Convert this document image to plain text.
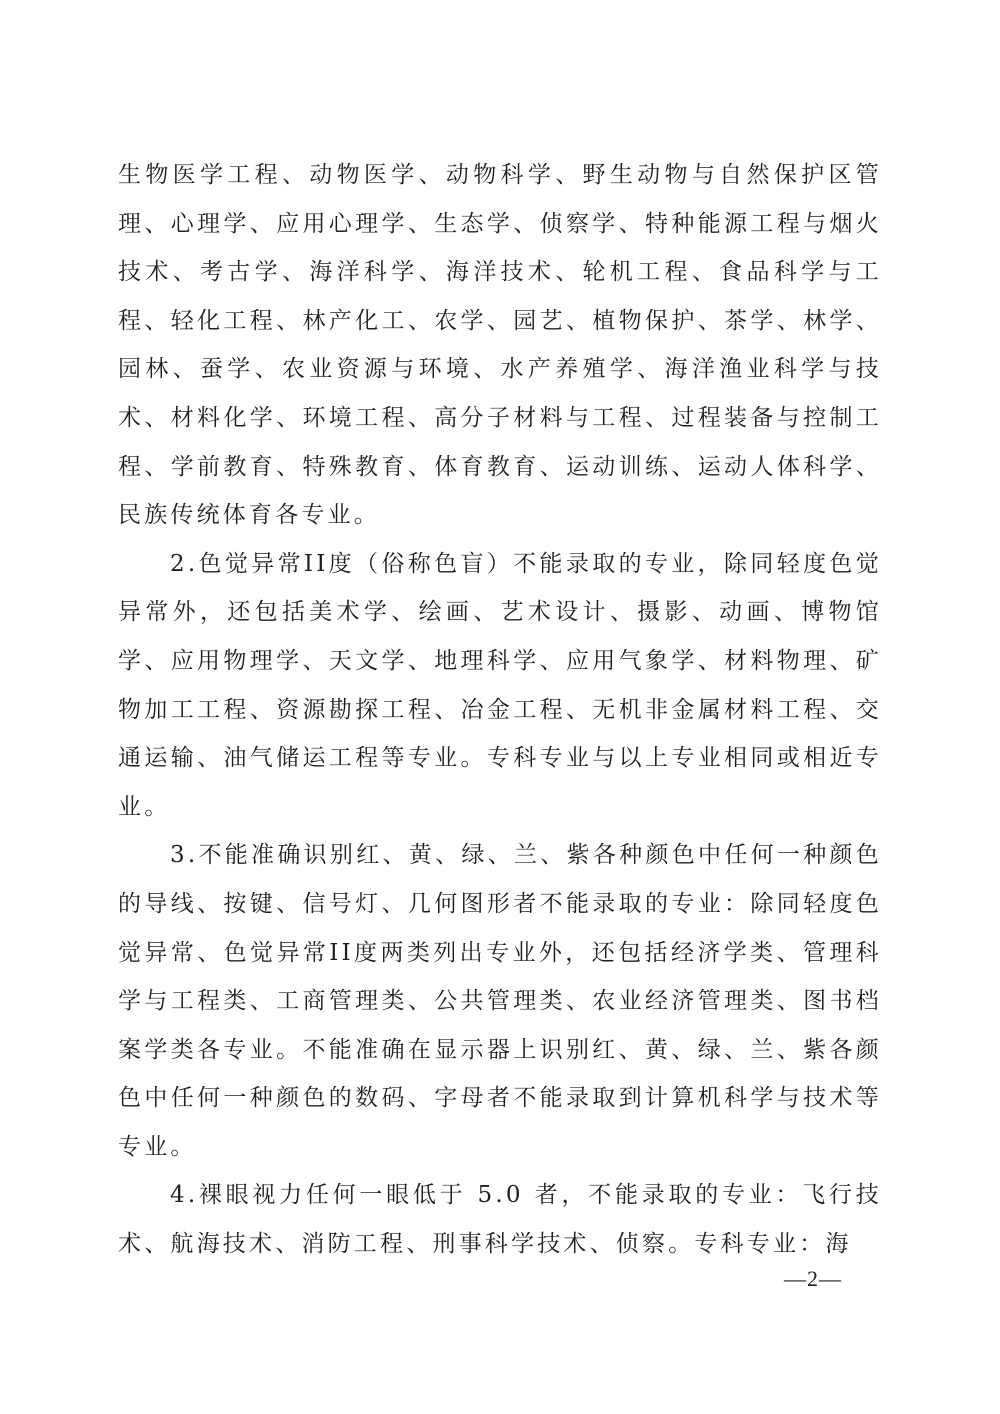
生物医学工程、动物医学、动物科学、野生动物与自然保护区管理、心理学、应用心理学、生态学、侦察学、特种能源工程与烟火技术、考古学、海洋科学、海洋技术、轮机工程、食品科学与工程、轻化工程、林产化工、农学、园艺、植物保护、茶学、林学、园林、蚕学、农业资源与环境、水产养殖学、海洋渔业科学与技术、材料化学、环境工程、高分子材料与工程、过程装备与控制工程、学前教育、特殊教育、体育教育、运动训练、运动人体科学、民族传统体育各专业。

2.色觉异常II度（俗称色盲）不能录取的专业，除同轻度色觉异常外，还包括美术学、绘画、艺术设计、摄影、动画、博物馆学、应用物理学、天文学、地理科学、应用气象学、材料物理、矿物加工工程、资源勘探工程、冶金工程、无机非金属材料工程、交通运输、油气储运工程等专业。专科专业与以上专业相同或相近专业。

3.不能准确识别红、黄、绿、兰、紫各种颜色中任何一种颜色的导线、按键、信号灯、几何图形者不能录取的专业：除同轻度色觉异常、色觉异常II度两类列出专业外，还包括经济学类、管理科学与工程类、工商管理类、公共管理类、农业经济管理类、图书档案学类各专业。不能准确在显示器上识别红、黄、绿、兰、紫各颜色中任何一种颜色的数码、字母者不能录取到计算机科学与技术等专业。

4.裸眼视力任何一眼低于 5.0 者，不能录取的专业：飞行技术、航海技术、消防工程、刑事科学技术、侦察。专科专业：海

—2—
